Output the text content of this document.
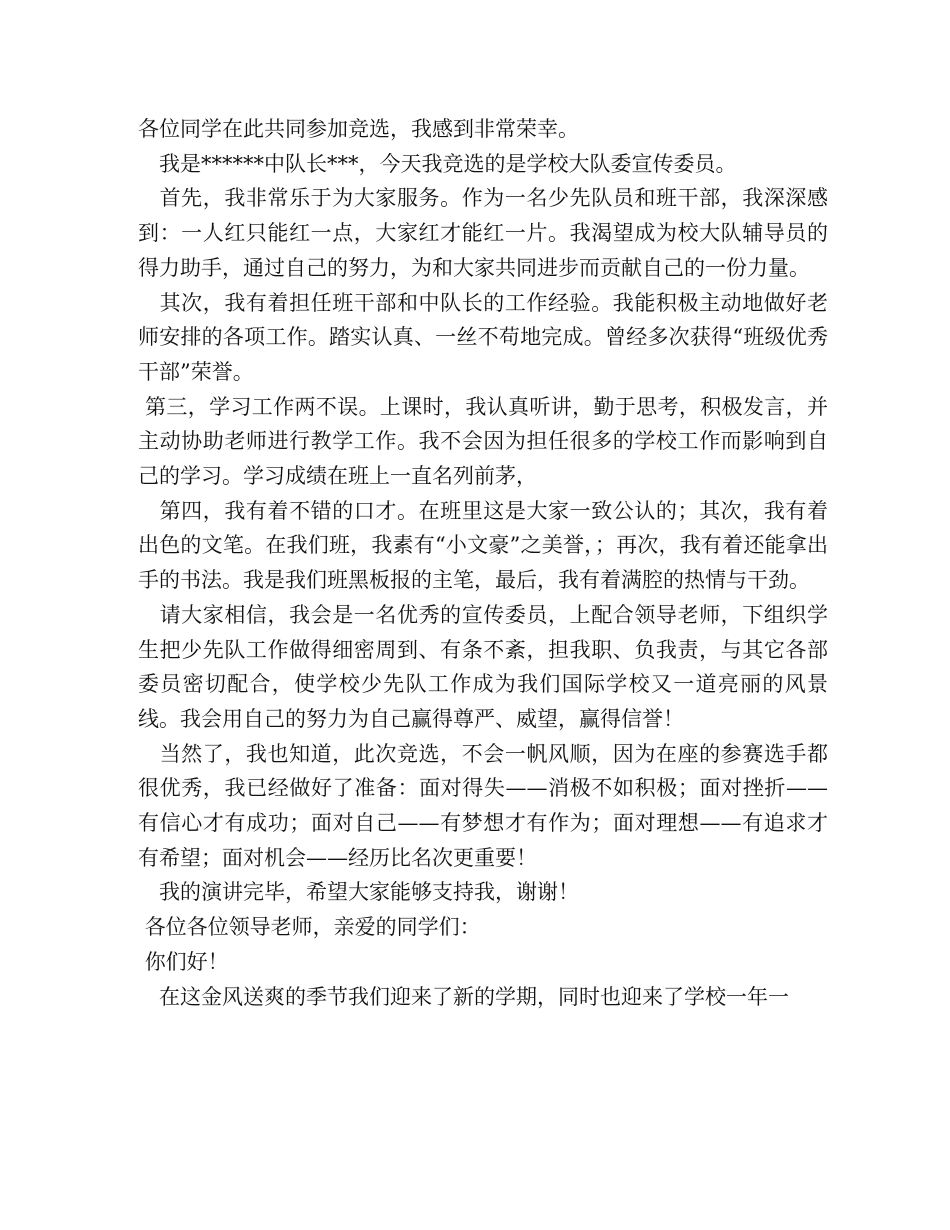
各位同学在此共同参加竞选，我感到非常荣幸。

　我是******中队长***，今天我竞选的是学校大队委宣传委员。

　首先，我非常乐于为大家服务。作为一名少先队员和班干部，我深深感到：一人红只能红一点，大家红才能红一片。我渴望成为校大队辅导员的得力助手，通过自己的努力，为和大家共同进步而贡献自己的一份力量。

　其次，我有着担任班干部和中队长的工作经验。我能积极主动地做好老师安排的各项工作。踏实认真、一丝不苟地完成。曾经多次获得“班级优秀干部”荣誉。

第三，学习工作两不误。上课时，我认真听讲，勤于思考，积极发言，并主动协助老师进行教学工作。我不会因为担任很多的学校工作而影响到自己的学习。学习成绩在班上一直名列前茅，

　第四，我有着不错的口才。在班里这是大家一致公认的；其次，我有着出色的文笔。在我们班，我素有“小文豪”之美誉，；再次，我有着还能拿出手的书法。我是我们班黑板报的主笔，最后，我有着满腔的热情与干劲。

　请大家相信，我会是一名优秀的宣传委员，上配合领导老师，下组织学生把少先队工作做得细密周到、有条不紊，担我职、负我责，与其它各部委员密切配合，使学校少先队工作成为我们国际学校又一道亮丽的风景线。我会用自己的努力为自己赢得尊严、威望，赢得信誉！

　当然了，我也知道，此次竞选，不会一帆风顺，因为在座的参赛选手都很优秀，我已经做好了准备：面对得失——消极不如积极；面对挫折——有信心才有成功；面对自己——有梦想才有作为；面对理想——有追求才有希望；面对机会——经历比名次更重要！

　我的演讲完毕，希望大家能够支持我，谢谢！

各位各位领导老师，亲爱的同学们：

你们好！

　在这金风送爽的季节我们迎来了新的学期，同时也迎来了学校一年一
